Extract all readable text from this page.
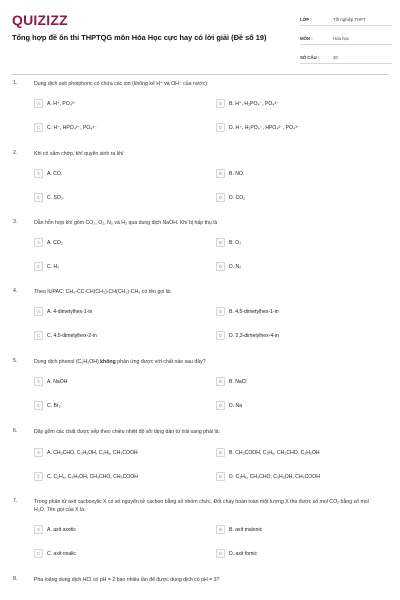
QUIZIZZ
Tổng hợp đề ôn thi THPTQG môn Hóa Học cực hay có lời giải (Đề số 19)
LỚP :	Tốt nghiệp THPT
MÔN :	Hóa học
SỐ CÂU :	40
1.	Dung dịch axit photphoric có chứa các ion (không kể H⁺ và OH⁻ của nước):
A	A. H⁺, PO₄³⁻	B	B. H⁺, H₂PO₄⁻, PO₄³⁻
C	C. H⁺, HPO₄²⁻, PO₄³⁻	D	D. H⁺, H₂PO₄⁻, HPO₄²⁻, PO₄³⁻
2.	Khi có sấm chớp, khí quyển sinh ra khí
A	A. CO.	B	B. NO.
C	C. SO₂.	D	D. CO₂
3.	Dẫn hỗn hợp khí gồm CO₂, O₂, N₂ và H₂ qua dung dịch NaOH. Khí bị hấp thụ là
A	A. CO₂	B	B. O₂
C	C. H₂	D	D. N₂
4.	Theo IUPAC: CH₃-CC-CH(CH₃)-CH(CH₃)-CH₃ có tên gọi là:
A	A. 4-dimetylhex-1-in	B	B. 4,5-dimetylhex-1-in
C	C. 4,5-dimetylhex-2-in	D	D. 2,3-dimetylhex-4-in
5.	Dung dịch phenol (C₆H₅OH) không phản ứng được với chất nào sau đây?
A	A. NaOH	B	B. NaCl
C	C. Br₂	D	D. Na
6.	Dãy gồm các chất được xếp theo chiều nhiệt độ sôi tăng dần từ trái sang phải là:
A	A. CH₃CHO, C₂H₅OH, C₂H₆, CH₃COOH	B	B. CH₃COOH, C₂H₆, CH₃CHO, C₂H₅OH
C	C. C₂H₆, C₂H₅OH, CH₃CHO, CH₃COOH	D	D. C₂H₆, CH₃CHO, C₂H₅OH, CH₃COOH
7.	Trong phân tử axit cacboxylic X có số nguyên tử cacbon bằng số nhóm chức. Đốt cháy hoàn toàn một lượng X thu được số mol CO₂ bằng số mol H₂O. Tên gọi của X là:
A	A. axit axetic	B	B. axit malonic
C	C. axit oxalic	D	D. axit fomic
8.	Pha loãng dung dịch HCl có pH = 2 bao nhiêu lần để được dung dịch có pH = 3?
